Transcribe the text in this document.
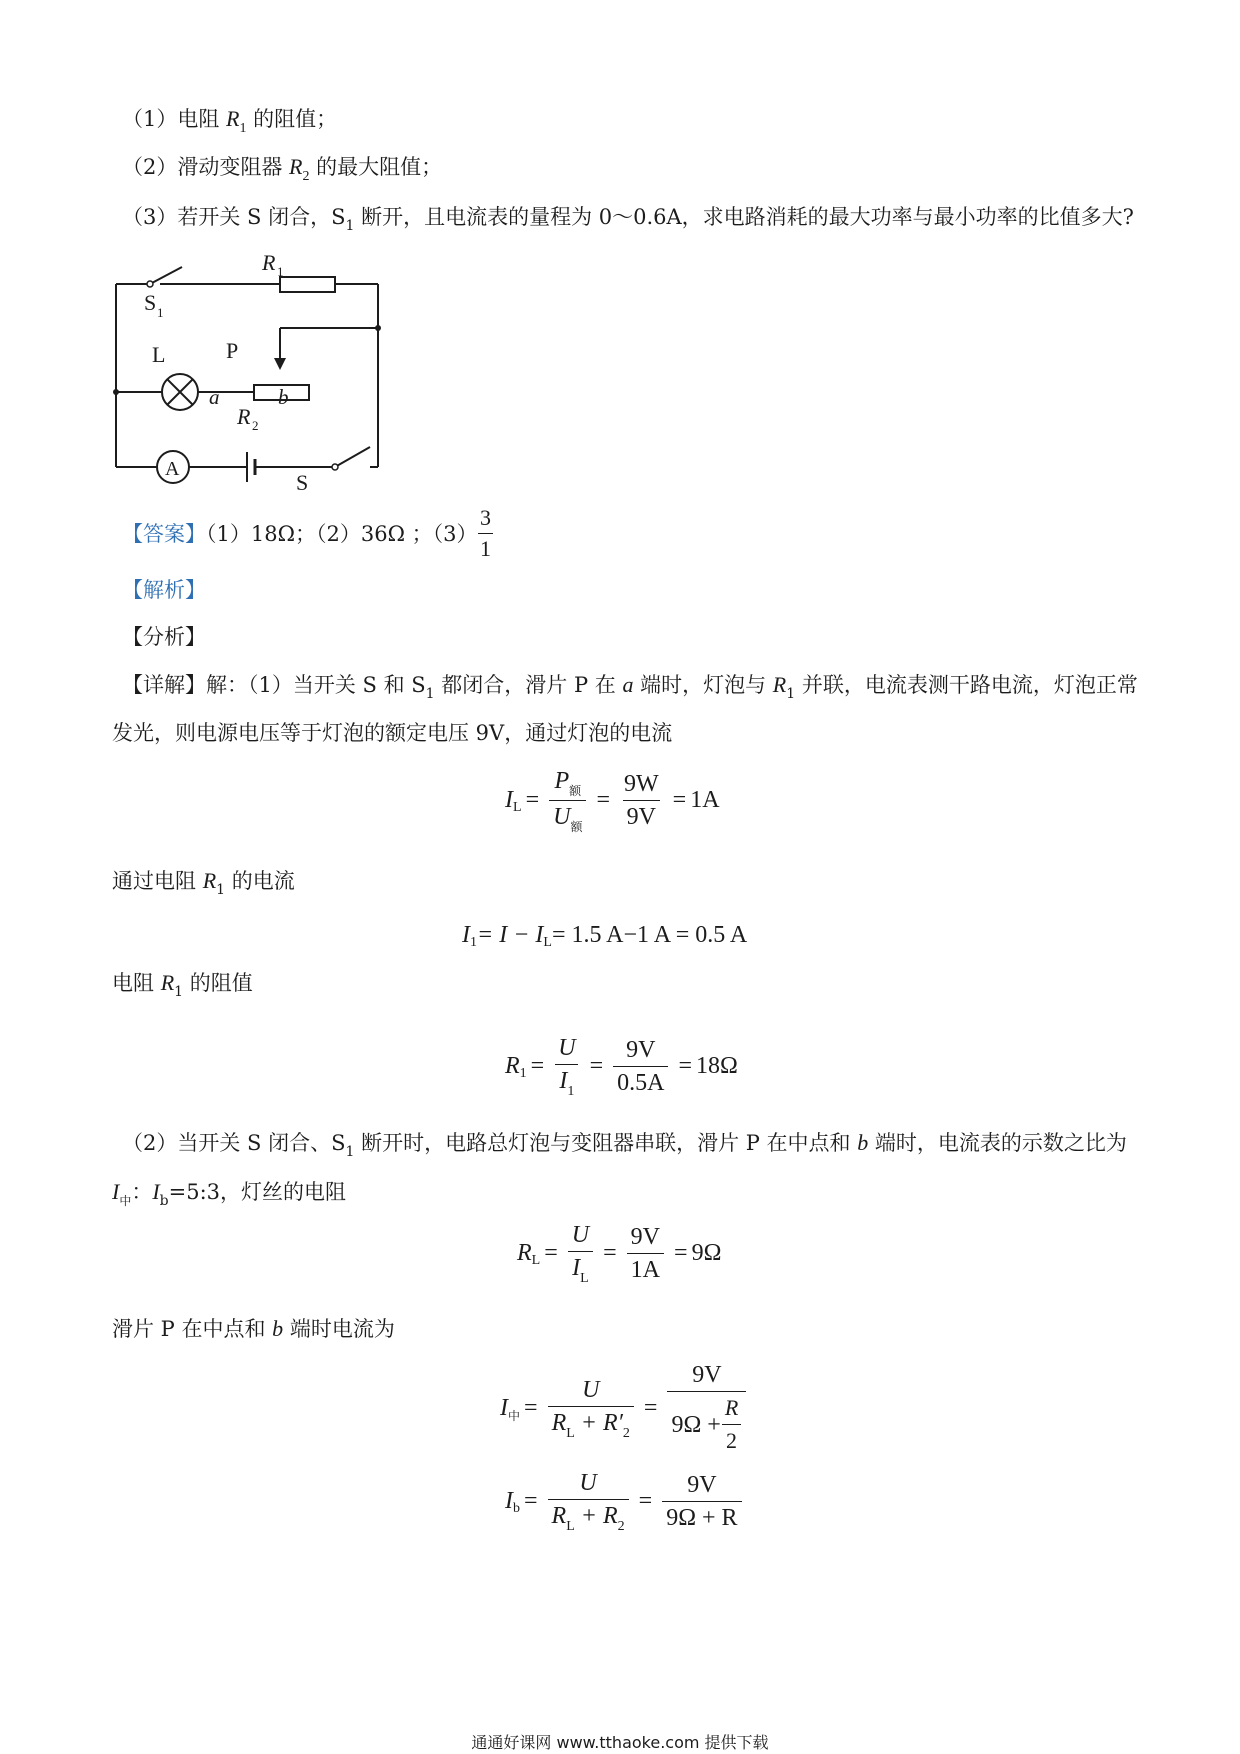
（1）电阻 $R_1$ 的阻值；
（2）滑动变阻器 $R_2$ 的最大阻值；
（3）若开关 S 闭合，$S_1$ 断开，且电流表的量程为 0～0.6A，求电路消耗的最大功率与最小功率的比值多大?
R 1
S 1
L	P
a	b
R 2
A
S
【答案】（1）18Ω；（2）36Ω ；$(3) \frac{3}{1}$
【解析】
【分析】
【详解】解：（1）当开关 S 和 $S_1$ 都闭合，滑片 P 在 a 端时，灯泡与 $R_1$ 并联，电流表测干路电流，灯泡正常
发光，则电源电压等于灯泡的额定电压 9V，通过灯泡的电流
I $L = \frac{P_额}{U_额} = \frac{9W}{9V} = 1A$
通过电阻 $R_1$ 的电流
I 1 = I − I L = 1.5 A−1 A = 0.5 A
电阻 $R_1$ 的阻值
R $1 = \frac{U}{I_1} = \frac{9V}{0.5A} = 18\Omega$
（2）当开关 S 闭合、$S_1$ 断开时，电路总灯泡与变阻器串联，滑片 P 在中点和 b 端时，电流表的示数之比为
$I_中$：$I_b=5:3$，灯丝的电阻
R $L = \frac{U}{I_L} = \frac{9V}{1A} = 9\Omega$
滑片 P 在中点和 b 端时电流为
I 中 = $\frac{U}{R_L + R'_2} = \frac{9V}{9\Omega + \frac{R}{2}}$
I $b = \frac{U}{R_L + R_2} = \frac{9V}{9\Omega + R}$
通通好课网 www.tthaoke.com 提供下载
